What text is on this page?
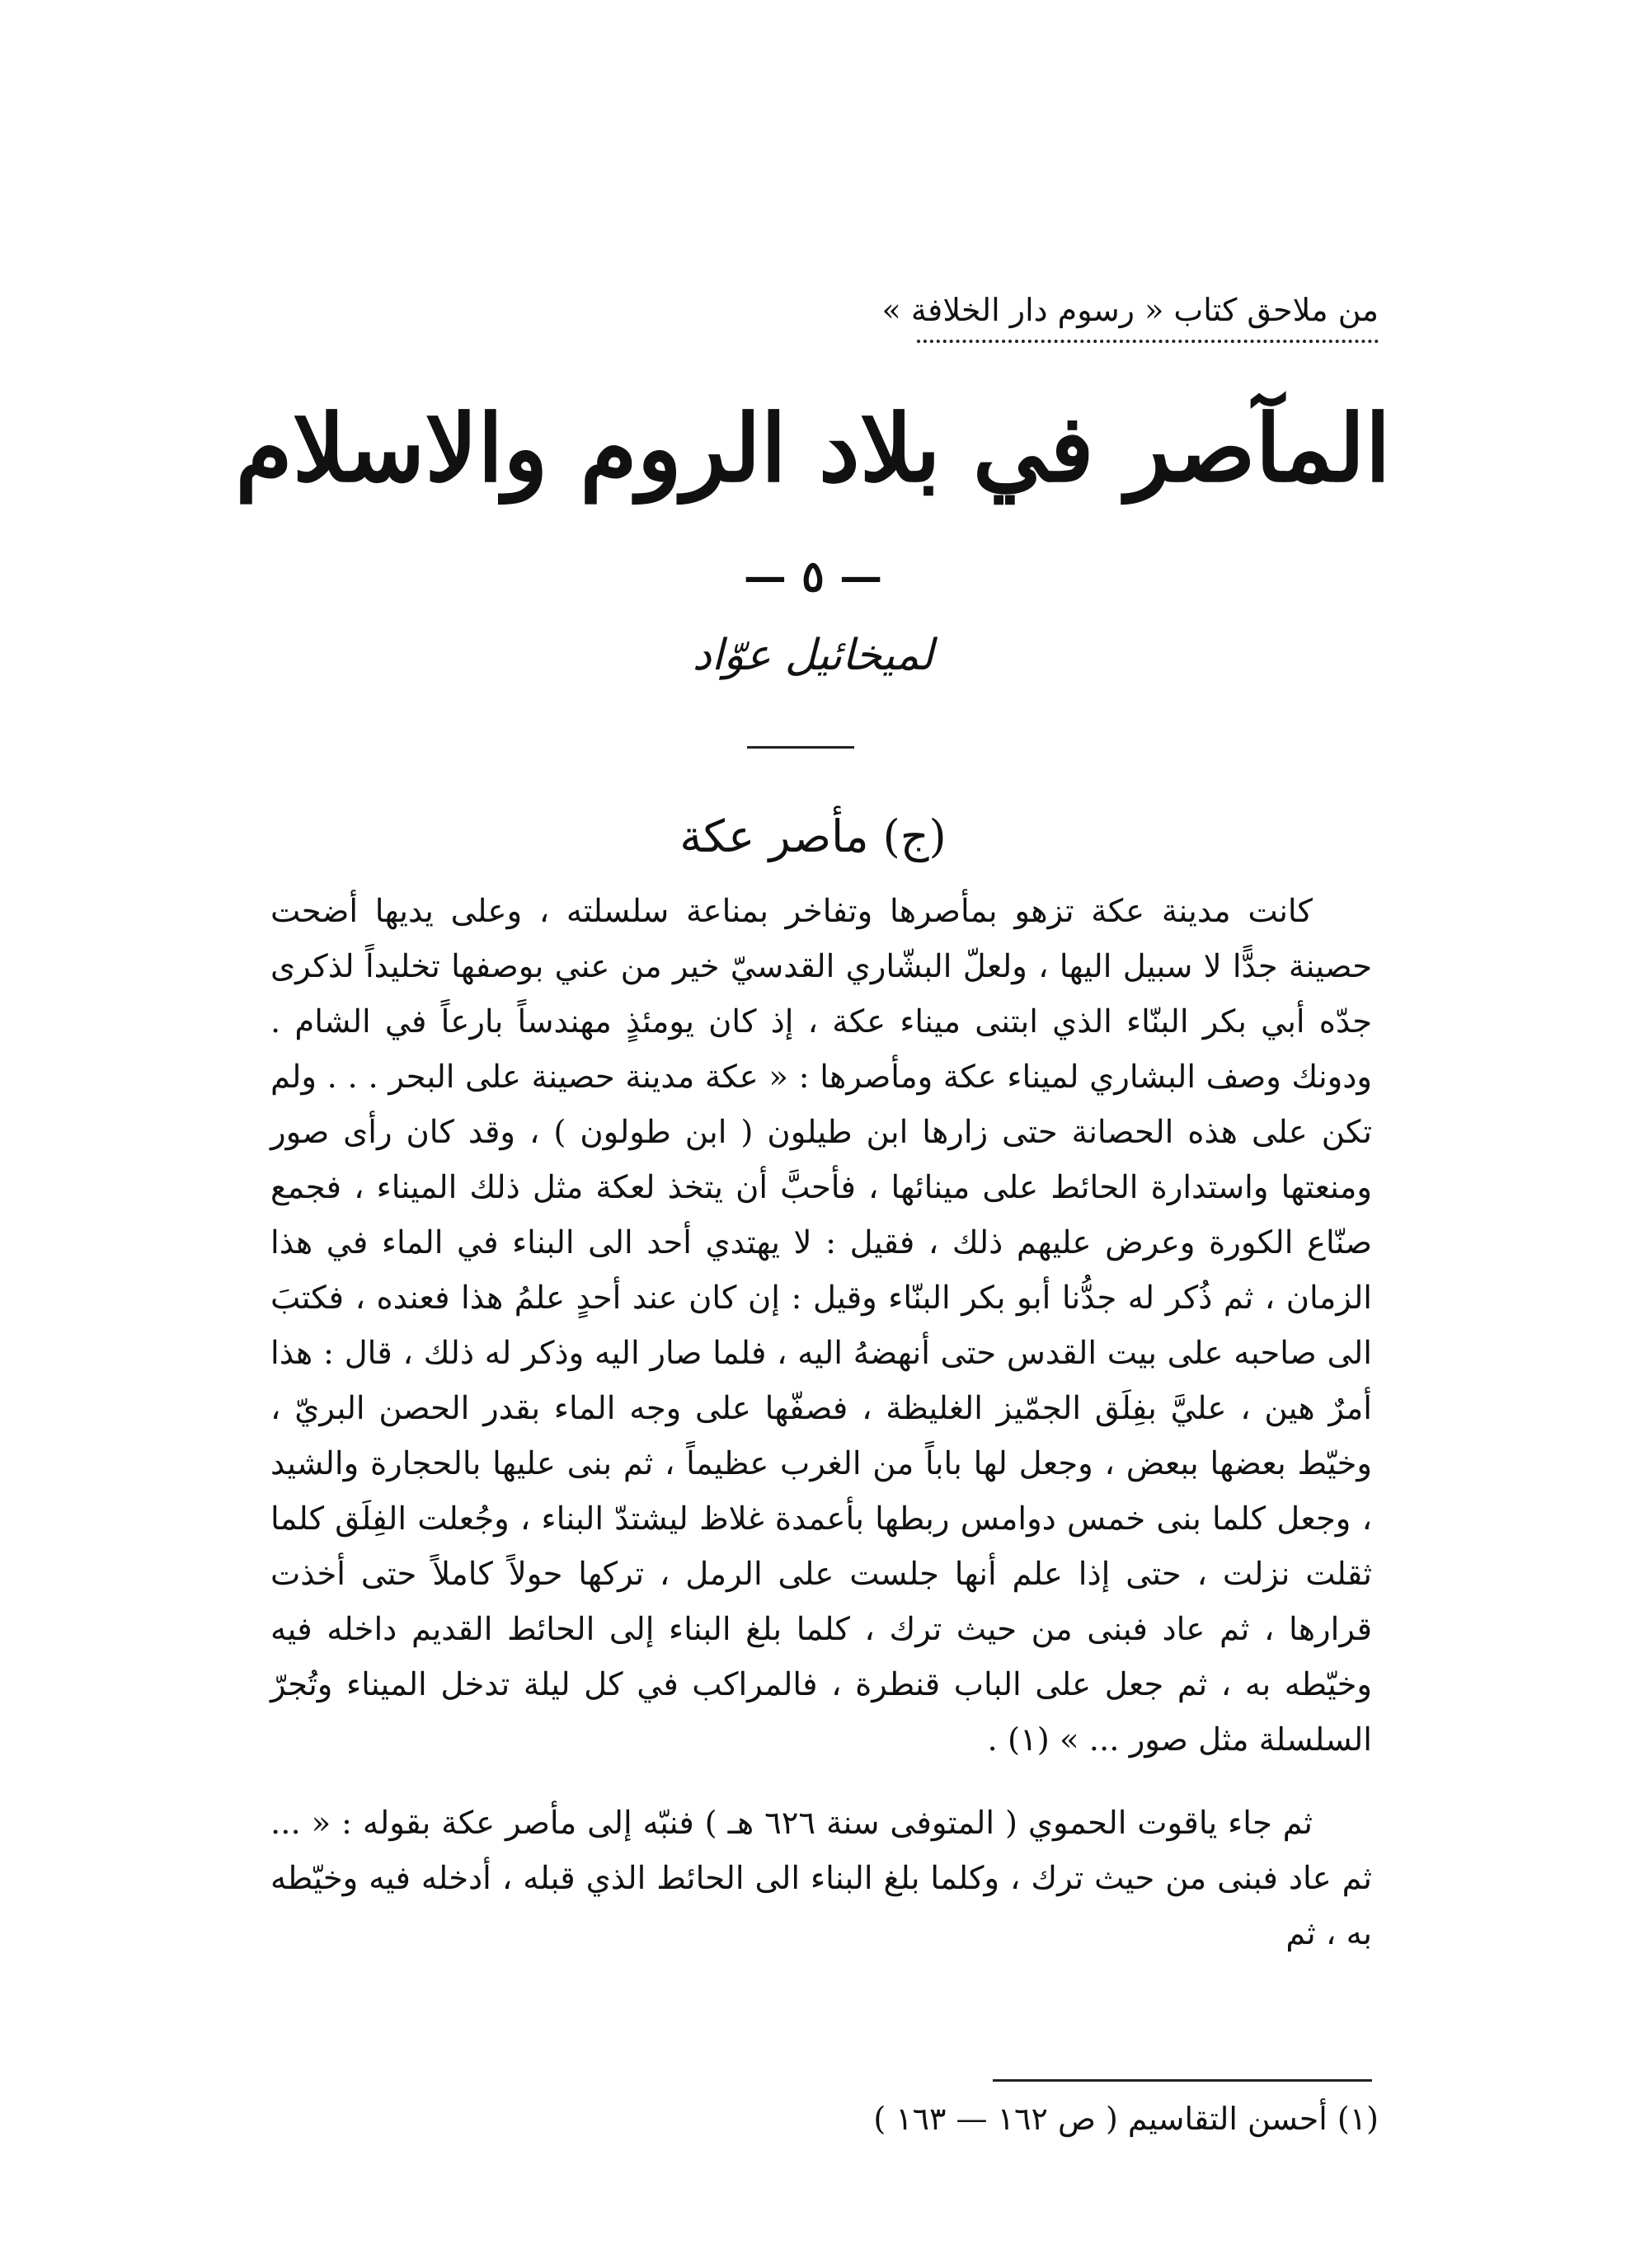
من ملاحق كتاب « رسوم دار الخلافة »
المآصر في بلاد الروم والاسلام
— ٥ —
لميخائيل عوّاد
(ج) مأصر عكة

كانت مدينة عكة تزهو بمأصرها وتفاخر بمناعة سلسلته ، وعلى يديها أضحت حصينة جدًّا لا سبيل اليها ، ولعلّ البشّاري القدسيّ خير من عني بوصفها تخليداً لذكرى جدّه أبي بكر البنّاء الذي ابتنى ميناء عكة ، إذ كان يومئذٍ مهندساً بارعاً في الشام . ودونك وصف البشاري لميناء عكة ومأصرها : « عكة مدينة حصينة على البحر . . . ولم تكن على هذه الحصانة حتى زارها ابن طيلون ( ابن طولون ) ، وقد كان رأى صور ومنعتها واستدارة الحائط على مينائها ، فأحبَّ أن يتخذ لعكة مثل ذلك الميناء ، فجمع صنّاع الكورة وعرض عليهم ذلك ، فقيل : لا يهتدي أحد الى البناء في الماء في هذا الزمان ، ثم ذُكر له جدُّنا أبو بكر البنّاء وقيل : إن كان عند أحدٍ علمُ هذا فعنده ، فكتبَ الى صاحبه على بيت القدس حتى أنهضهُ اليه ، فلما صار اليه وذكر له ذلك ، قال : هذا أمرٌ هين ، عليَّ بفِلَق الجمّيز الغليظة ، فصفّها على وجه الماء بقدر الحصن البريّ ، وخيّط بعضها ببعض ، وجعل لها باباً من الغرب عظيماً ، ثم بنى عليها بالحجارة والشيد ، وجعل كلما بنى خمس دوامس ربطها بأعمدة غلاظ ليشتدّ البناء ، وجُعلت الفِلَق كلما ثقلت نزلت ، حتى إذا علم أنها جلست على الرمل ، تركها حولاً كاملاً حتى أخذت قرارها ، ثم عاد فبنى من حيث ترك ، كلما بلغ البناء إلى الحائط القديم داخله فيه وخيّطه به ، ثم جعل على الباب قنطرة ، فالمراكب في كل ليلة تدخل الميناء وتُجرّ السلسلة مثل صور ... » (١) .

ثم جاء ياقوت الحموي ( المتوفى سنة ٦٢٦ هـ ) فنبّه إلى مأصر عكة بقوله : « ... ثم عاد فبنى من حيث ترك ، وكلما بلغ البناء الى الحائط الذي قبله ، أدخله فيه وخيّطه به ، ثم

(١) أحسن التقاسيم ( ص ١٦٢ — ١٦٣ )
